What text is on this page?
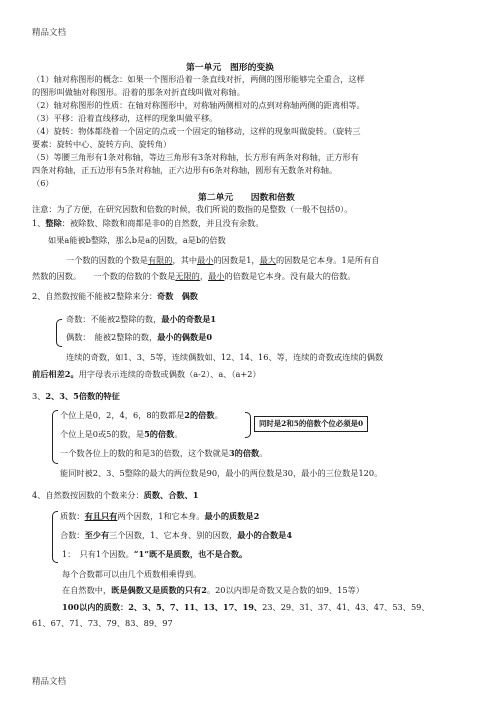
精品文档
第一单元　图形的变换
（1）轴对称图形的概念：如果一个图形沿着一条直线对折，两侧的图形能够完全重合，这样
的图形叫做轴对称图形。沿着的那条对折直线叫做对称轴。
（2）轴对称图形的性质：在轴对称图形中，对称轴两侧相对的点到对称轴两侧的距离相等。
（3）平移：沿着直线移动，这样的现象叫做平移。
（4）旋转：物体都绕着一个固定的点或一个固定的轴移动，这样的现象叫做旋转。（旋转三
要素：旋转中心、旋转方向、旋转角）
（5）等腰三角形有1条对称轴，等边三角形有3条对称轴，长方形有两条对称轴，正方形有
四条对称轴，正五边形有5条对称轴，正六边形有6条对称轴，圆形有无数条对称轴。
（6）
第二单元　　因数和倍数
注意：为了方便，在研究因数和倍数的时候，我们所说的数指的是整数（一般不包括0）。
1、整除：被除数、除数和商都是非0的自然数，并且没有余数。
如果a能被b整除，那么b是a的因数，a是b的倍数
一个数的因数的个数是有限的，其中最小的因数是1，最大的因数是它本身。1是所有自
然数的因数。　　一个数的倍数的个数是无限的，最小的倍数是它本身。没有最大的倍数。
2、自然数按能不能被2整除来分：奇数　偶数
奇数：不能被2整除的数，最小的奇数是1
偶数：　能被2整除的数，最小的偶数是0
连续的奇数，如1、3、5等，连续偶数如、12、14、16、等，连续的奇数或连续的偶数
前后相差2。用字母表示连续的奇数或偶数（a-2）、a、（a+2）
3、2、3、5倍数的特征
个位上是0，2，4，6，8的数都是2的倍数。
同时是2和5的倍数个位必须是0
个位上是0或5的数，是5的倍数。
一个数各位上的数的和是3的倍数，这个数就是3的倍数。
能同时被2、3、5整除的最大的两位数是90，最小的两位数是30，最小的三位数是120。
4、自然数按因数的个数来分：质数、合数、1
质数：有且只有两个因数，1和它本身。最小的质数是2
合数：至少有三个因数，1、它本身、别的因数，最小的合数是4
1：　只有1个因数。“1”既不是质数，也不是合数。
每个合数都可以由几个质数相乘得到。
在自然数中，既是偶数又是质数的只有2。20以内即是奇数又是合数的如9、15等）
100以内的质数：2、3、5、7、11、13、17、19、23、29、31、37、41、43、47、53、59、
61、67、71、73、79、83、89、97
精品文档
